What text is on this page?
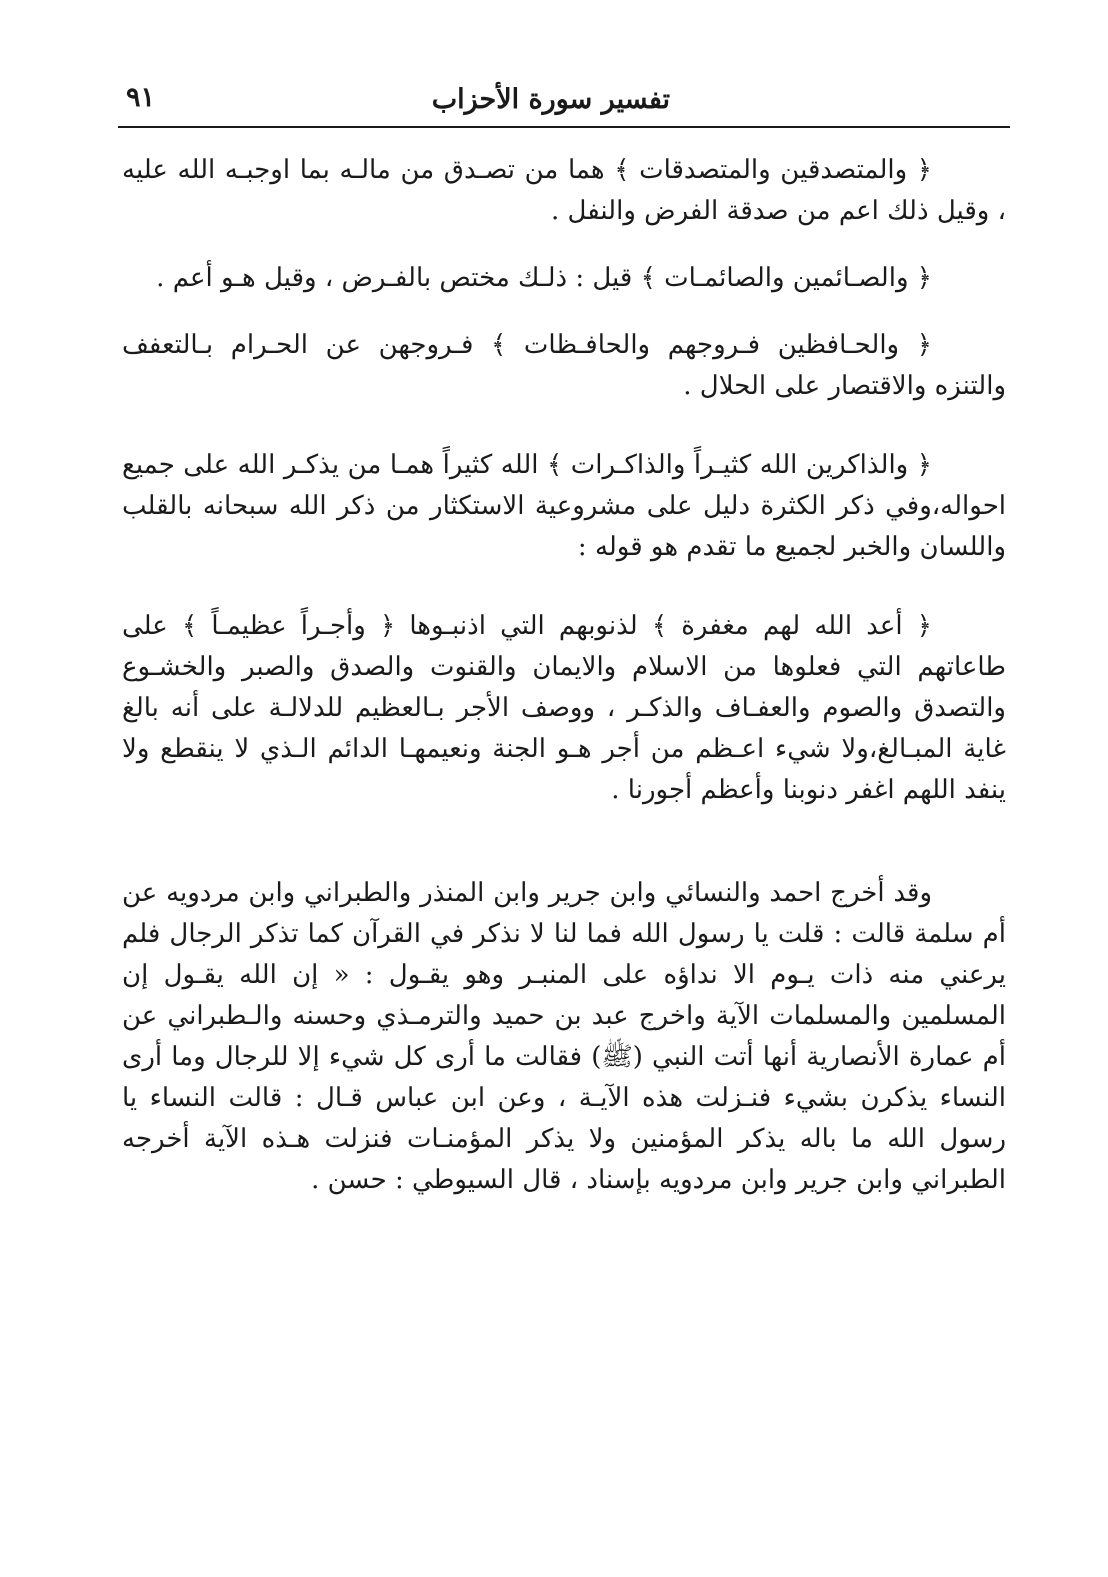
تفسير سورة الأحزاب
٩١

﴿ والمتصدقين والمتصدقات ﴾ هما من تصـدق من مالـه بما اوجبـه الله عليه ، وقيل ذلك اعم من صدقة الفرض والنفل .

﴿ والصـائمين والصائمـات ﴾ قيل : ذلـك مختص بالفـرض ، وقيل هـو أعم .

﴿ والحـافظين فـروجهم والحافـظات ﴾ فـروجهن عن الحـرام بـالتعفف والتنزه والاقتصار على الحلال .

﴿ والذاكرين الله كثيـراً والذاكـرات ﴾ الله كثيراً همـا من يذكـر الله على جميع احواله،وفي ذكر الكثرة دليل على مشروعية الاستكثار من ذكر الله سبحانه بالقلب واللسان والخبر لجميع ما تقدم هو قوله :

﴿ أعد الله لهم مغفرة ﴾ لذنوبهم التي اذنبـوها ﴿ وأجـراً عظيمـاً ﴾ على طاعاتهم التي فعلوها من الاسلام والايمان والقنوت والصدق والصبر والخشـوع والتصدق والصوم والعفـاف والذكـر ، ووصف الأجر بـالعظيم للدلالـة على أنه بالغ غاية المبـالغ،ولا شيء اعـظم من أجر هـو الجنة ونعيمهـا الدائم الـذي لا ينقطع ولا ينفد اللهم اغفر دنوبنا وأعظم أجورنا .

وقد أخرج احمد والنسائي وابن جرير وابن المنذر والطبراني وابن مردويه عن أم سلمة قالت : قلت يا رسول الله فما لنا لا نذكر في القرآن كما تذكر الرجال فلم يرعني منه ذات يـوم الا نداؤه على المنبـر وهو يقـول : « إن الله يقـول إن المسلمين والمسلمات الآية واخرج عبد بن حميد والترمـذي وحسنه والـطبراني عن أم عمارة الأنصارية أنها أتت النبي (ﷺ) فقالت ما أرى كل شيء إلا للرجال وما أرى النساء يذكرن بشيء فنـزلت هذه الآيـة ، وعن ابن عباس قـال : قالت النساء يا رسول الله ما باله يذكر المؤمنين ولا يذكر المؤمنـات فنزلت هـذه الآية أخرجه الطبراني وابن جرير وابن مردويه بإسناد ، قال السيوطي : حسن .
